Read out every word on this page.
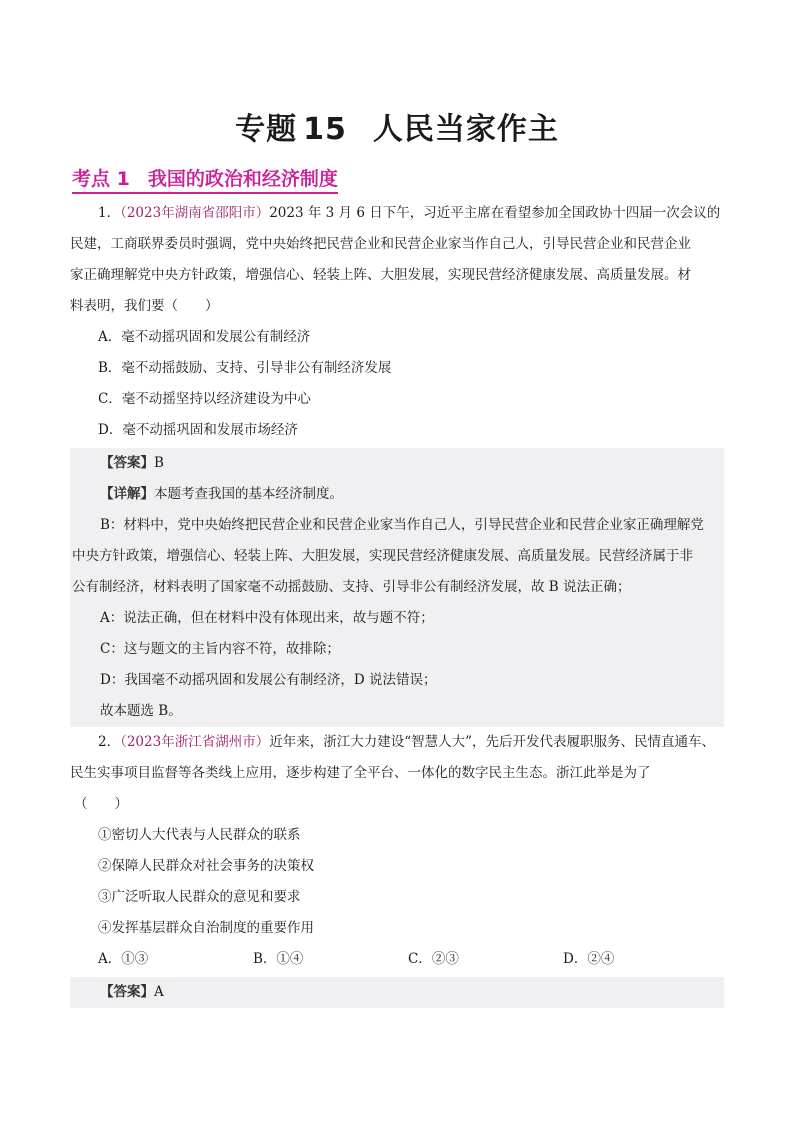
专题 15 人民当家作主
考点 1 我国的政治和经济制度

1．（2023年湖南省邵阳市）2023 年 3 月 6 日下午，习近平主席在看望参加全国政协十四届一次会议的

民建，工商联界委员时强调，党中央始终把民营企业和民营企业家当作自己人，引导民营企业和民营企业

家正确理解党中央方针政策，增强信心、轻装上阵、大胆发展，实现民营经济健康发展、高质量发展。材

料表明，我们要（　　）

A．毫不动摇巩固和发展公有制经济

B．毫不动摇鼓励、支持、引导非公有制经济发展

C．毫不动摇坚持以经济建设为中心

D．毫不动摇巩固和发展市场经济

【答案】B

【详解】本题考查我国的基本经济制度。

B：材料中，党中央始终把民营企业和民营企业家当作自己人，引导民营企业和民营企业家正确理解党

中央方针政策，增强信心、轻装上阵、大胆发展，实现民营经济健康发展、高质量发展。民营经济属于非

公有制经济，材料表明了国家毫不动摇鼓励、支持、引导非公有制经济发展，故 B 说法正确；

A：说法正确，但在材料中没有体现出来，故与题不符；

C：这与题文的主旨内容不符，故排除；

D：我国毫不动摇巩固和发展公有制经济，D 说法错误；

故本题选 B。

2．（2023年浙江省湖州市）近年来，浙江大力建设“智慧人大”，先后开发代表履职服务、民情直通车、

民生实事项目监督等各类线上应用，逐步构建了全平台、一体化的数字民主生态。浙江此举是为了

（　　）

①密切人大代表与人民群众的联系

②保障人民群众对社会事务的决策权

③广泛听取人民群众的意见和要求

④发挥基层群众自治制度的重要作用

A．①③	B．①④	C．②③	D．②④

【答案】A
